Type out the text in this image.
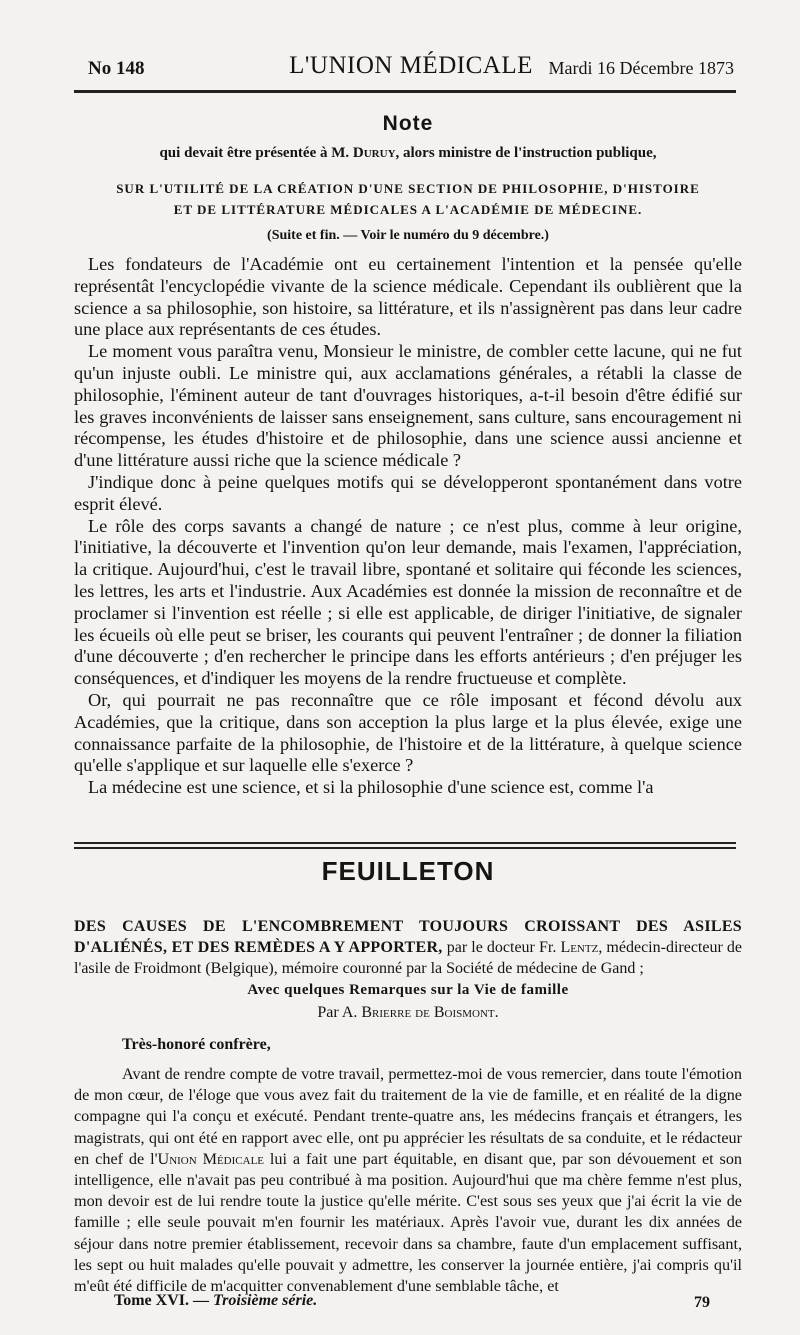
No 148	L'UNION MÉDICALE Mardi 16 Décembre 1873
Note
qui devait être présentée à M. Duruy, alors ministre de l'instruction publique,
SUR L'UTILITÉ DE LA CRÉATION D'UNE SECTION DE PHILOSOPHIE, D'HISTOIRE
ET DE LITTÉRATURE MÉDICALES A L'ACADÉMIE DE MÉDECINE.
(Suite et fin. — Voir le numéro du 9 décembre.)

Les fondateurs de l'Académie ont eu certainement l'intention et la pensée qu'elle représentât l'encyclopédie vivante de la science médicale. Cependant ils oublièrent que la science a sa philosophie, son histoire, sa littérature, et ils n'assignèrent pas dans leur cadre une place aux représentants de ces études.

Le moment vous paraîtra venu, Monsieur le ministre, de combler cette lacune, qui ne fut qu'un injuste oubli. Le ministre qui, aux acclamations générales, a rétabli la classe de philosophie, l'éminent auteur de tant d'ouvrages historiques, a-t-il besoin d'être édifié sur les graves inconvénients de laisser sans enseignement, sans culture, sans encouragement ni récompense, les études d'histoire et de philosophie, dans une science aussi ancienne et d'une littérature aussi riche que la science médicale ?

J'indique donc à peine quelques motifs qui se développeront spontanément dans votre esprit élevé.

Le rôle des corps savants a changé de nature ; ce n'est plus, comme à leur origine, l'initiative, la découverte et l'invention qu'on leur demande, mais l'examen, l'appréciation, la critique. Aujourd'hui, c'est le travail libre, spontané et solitaire qui féconde les sciences, les lettres, les arts et l'industrie. Aux Académies est donnée la mission de reconnaître et de proclamer si l'invention est réelle ; si elle est applicable, de diriger l'initiative, de signaler les écueils où elle peut se briser, les courants qui peuvent l'entraîner ; de donner la filiation d'une découverte ; d'en rechercher le principe dans les efforts antérieurs ; d'en préjuger les conséquences, et d'indiquer les moyens de la rendre fructueuse et complète.

Or, qui pourrait ne pas reconnaître que ce rôle imposant et fécond dévolu aux Académies, que la critique, dans son acception la plus large et la plus élevée, exige une connaissance parfaite de la philosophie, de l'histoire et de la littérature, à quelque science qu'elle s'applique et sur laquelle elle s'exerce ?

La médecine est une science, et si la philosophie d'une science est, comme l'a

FEUILLETON
DES CAUSES DE L'ENCOMBREMENT TOUJOURS CROISSANT DES ASILES D'ALIÉNÉS, ET DES REMÈDES A Y APPORTER, par le docteur Fr. Lentz, médecin-directeur de l'asile de Froidmont (Belgique), mémoire couronné par la Société de médecine de Gand ;
Avec quelques Remarques sur la Vie de famille
Par A. Brierre de Boismont.
Très-honoré confrère,

Avant de rendre compte de votre travail, permettez-moi de vous remercier, dans toute l'émotion de mon cœur, de l'éloge que vous avez fait du traitement de la vie de famille, et en réalité de la digne compagne qui l'a conçu et exécuté. Pendant trente-quatre ans, les médecins français et étrangers, les magistrats, qui ont été en rapport avec elle, ont pu apprécier les résultats de sa conduite, et le rédacteur en chef de l'Union Médicale lui a fait une part équitable, en disant que, par son dévouement et son intelligence, elle n'avait pas peu contribué à ma position. Aujourd'hui que ma chère femme n'est plus, mon devoir est de lui rendre toute la justice qu'elle mérite. C'est sous ses yeux que j'ai écrit la vie de famille ; elle seule pouvait m'en fournir les matériaux. Après l'avoir vue, durant les dix années de séjour dans notre premier établissement, recevoir dans sa chambre, faute d'un emplacement suffisant, les sept ou huit malades qu'elle pouvait y admettre, les conserver la journée entière, j'ai compris qu'il m'eût été difficile de m'acquitter convenablement d'une semblable tâche, et

Tome XVI. — Troisième série.	79
